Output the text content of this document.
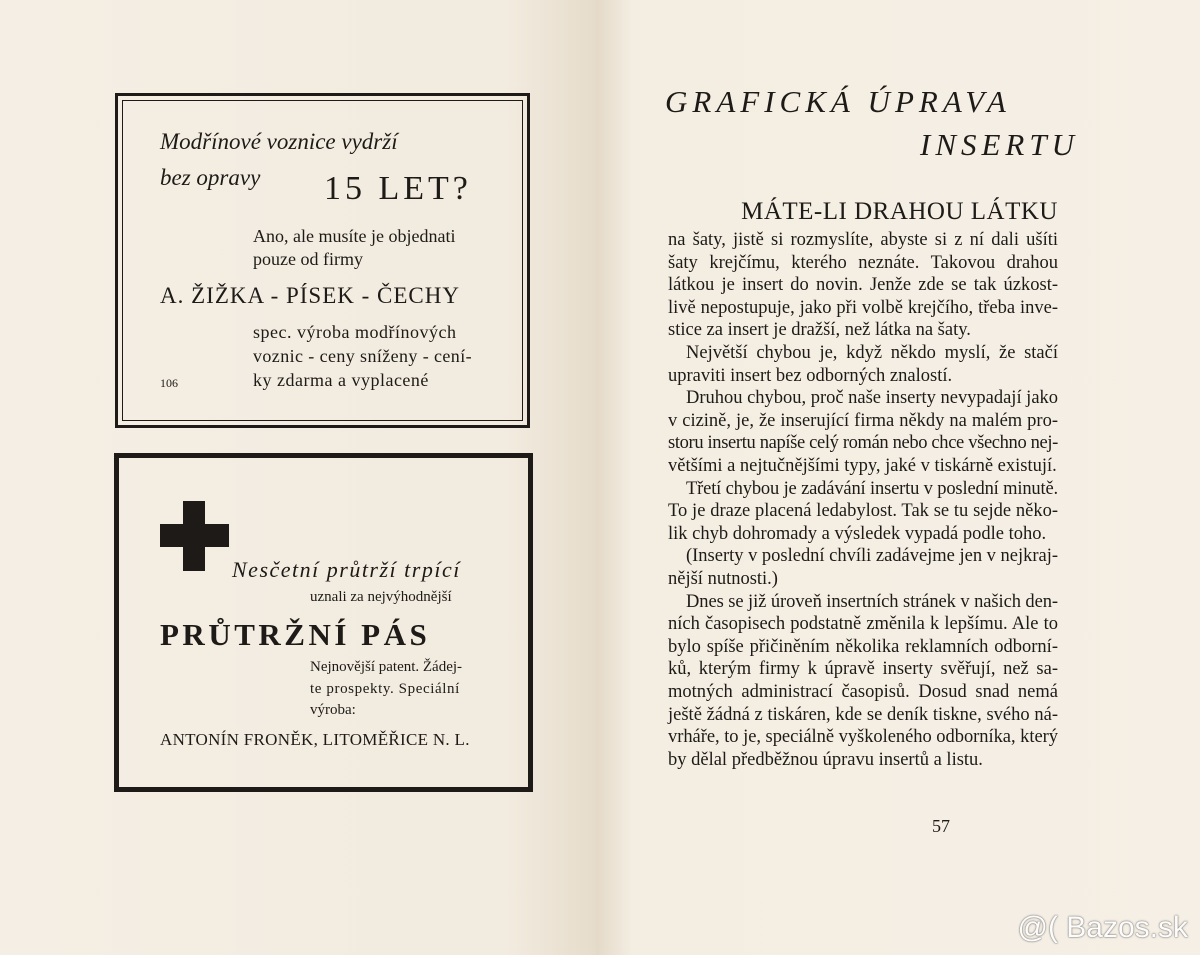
Modřínové voznice vydrží
bez opravy 15 LET?
Ano, ale musíte je objednati
pouze od firmy
A. ŽIŽKA - PÍSEK - ČECHY
spec. výroba modřínových
voznic - ceny sníženy - cení-
ky zdarma a vyplacené
106
Nesčetní průtrží trpící
uznali za nejvýhodnější
PRŮTRŽNÍ PÁS
Nejnovější patent. Žádej-
te prospekty. Speciální
výroba:
ANTONÍN FRONĚK, LITOMĚŘICE N. L.
GRAFICKÁ ÚPRAVA
INSERTU
MÁTE-LI DRAHOU LÁTKU
na šaty, jistě si rozmyslíte, abyste si z ní dali ušíti
šaty krejčímu, kterého neznáte. Takovou drahou
látkou je insert do novin. Jenže zde se tak úzkost-
livě nepostupuje, jako při volbě krejčího, třeba inve-
stice za insert je dražší, než látka na šaty.
Největší chybou je, když někdo myslí, že stačí
upraviti insert bez odborných znalostí.
Druhou chybou, proč naše inserty nevypadají jako
v cizině, je, že inserující firma někdy na malém pro-
storu insertu napíše celý román nebo chce všechno nej-
většími a nejtučnějšími typy, jaké v tiskárně existují.
Třetí chybou je zadávání insertu v poslední minutě.
To je draze placená ledabylost. Tak se tu sejde něko-
lik chyb dohromady a výsledek vypadá podle toho.
(Inserty v poslední chvíli zadávejme jen v nejkraj-
nější nutnosti.)
Dnes se již úroveň insertních stránek v našich den-
ních časopisech podstatně změnila k lepšímu. Ale to
bylo spíše přičiněním několika reklamních odborní-
ků, kterým firmy k úpravě inserty svěřují, než sa-
motných administrací časopisů. Dosud snad nemá
ještě žádná z tiskáren, kde se deník tiskne, svého ná-
vrháře, to je, speciálně vyškoleného odborníka, který
by dělal předběžnou úpravu insertů a listu.
57
@( Bazos.sk
